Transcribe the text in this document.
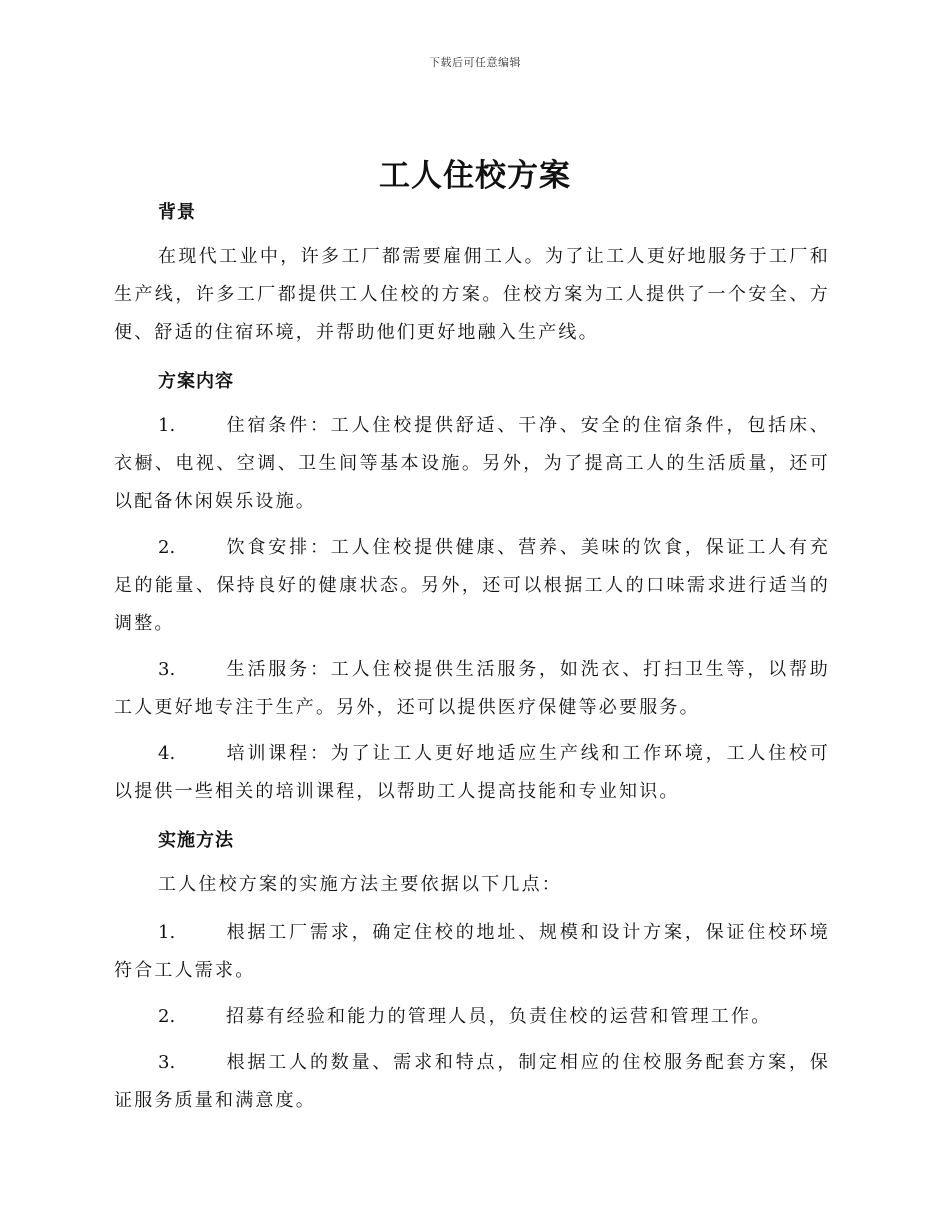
下载后可任意编辑
工人住校方案
背景
在现代工业中，许多工厂都需要雇佣工人。为了让工人更好地服务于工厂和生产线，许多工厂都提供工人住校的方案。住校方案为工人提供了一个安全、方便、舒适的住宿环境，并帮助他们更好地融入生产线。
方案内容
1.	住宿条件：工人住校提供舒适、干净、安全的住宿条件，包括床、衣橱、电视、空调、卫生间等基本设施。另外，为了提高工人的生活质量，还可以配备休闲娱乐设施。
2.	饮食安排：工人住校提供健康、营养、美味的饮食，保证工人有充足的能量、保持良好的健康状态。另外，还可以根据工人的口味需求进行适当的调整。
3.	生活服务：工人住校提供生活服务，如洗衣、打扫卫生等，以帮助工人更好地专注于生产。另外，还可以提供医疗保健等必要服务。
4.	培训课程：为了让工人更好地适应生产线和工作环境，工人住校可以提供一些相关的培训课程，以帮助工人提高技能和专业知识。
实施方法
工人住校方案的实施方法主要依据以下几点：
1.	根据工厂需求，确定住校的地址、规模和设计方案，保证住校环境符合工人需求。
2.	招募有经验和能力的管理人员，负责住校的运营和管理工作。
3.	根据工人的数量、需求和特点，制定相应的住校服务配套方案，保证服务质量和满意度。
